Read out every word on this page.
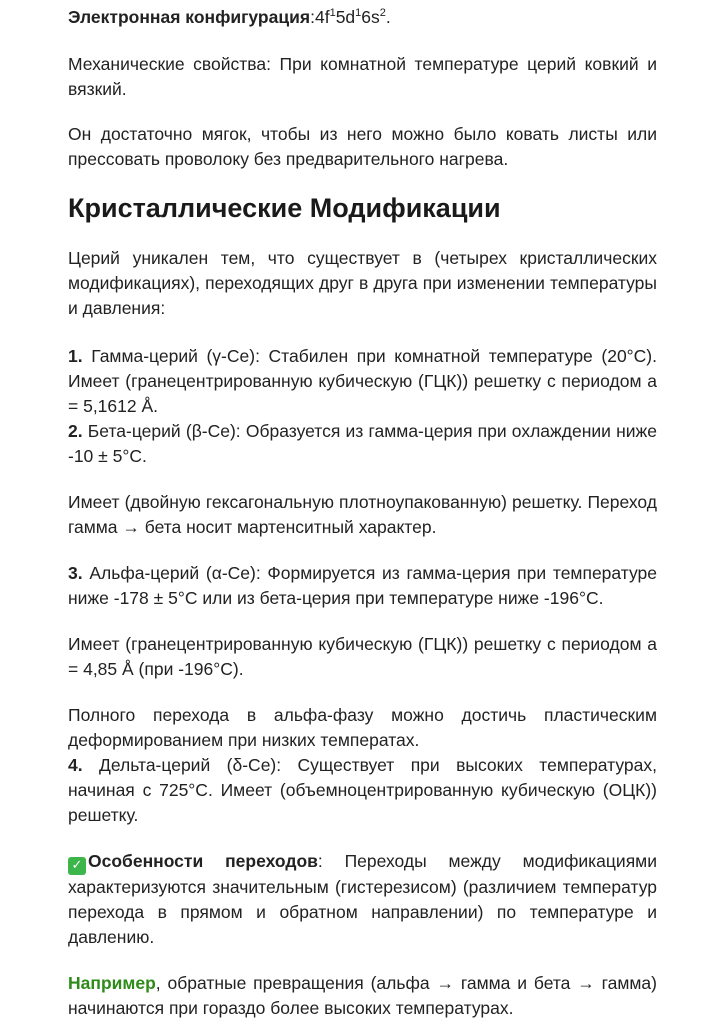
Электронная $конфигурация:4f^15d^16s^2$.

Механические свойства: При комнатной температуре церий ковкий и вязкий.

Он достаточно мягок, чтобы из него можно было ковать листы или прессовать проволоку без предварительного нагрева.

Кристаллические Модификации

Церий уникален тем, что существует в (четырех кристаллических модификациях), переходящих друг в друга при изменении температуры и давления:

1. Гамма-церий (γ-Се): Стабилен при комнатной температуре (20°С). Имеет (гранецентрированную кубическую (ГЦК)) решетку с периодом a = 5,1612 Å.

2. Бета-церий (β-Се): Образуется из гамма-церия при охлаждении ниже -10 ± 5°С.

Имеет (двойную гексагональную плотноупакованную) решетку. Переход гамма → бета носит мартенситный характер.

3. Альфа-церий (α-Се): Формируется из гамма-церия при температуре ниже -178 ± 5°С или из бета-церия при температуре ниже -196°С.

Имеет (гранецентрированную кубическую (ГЦК)) решетку с периодом a = 4,85 Å (при -196°С).

Полного перехода в альфа-фазу можно достичь пластическим деформированием при низких температах.

4. Дельта-церий (δ-Се): Существует при высоких температурах, начиная с 725°С. Имеет (объемноцентрированную кубическую (ОЦК)) решетку.

✓ Особенности переходов: Переходы между модификациями характеризуются значительным (гистерезисом) (различием температур перехода в прямом и обратном направлении) по температуре и давлению.

Например, обратные превращения (альфа → гамма и бета → гамма) начинаются при гораздо более высоких температурах.
